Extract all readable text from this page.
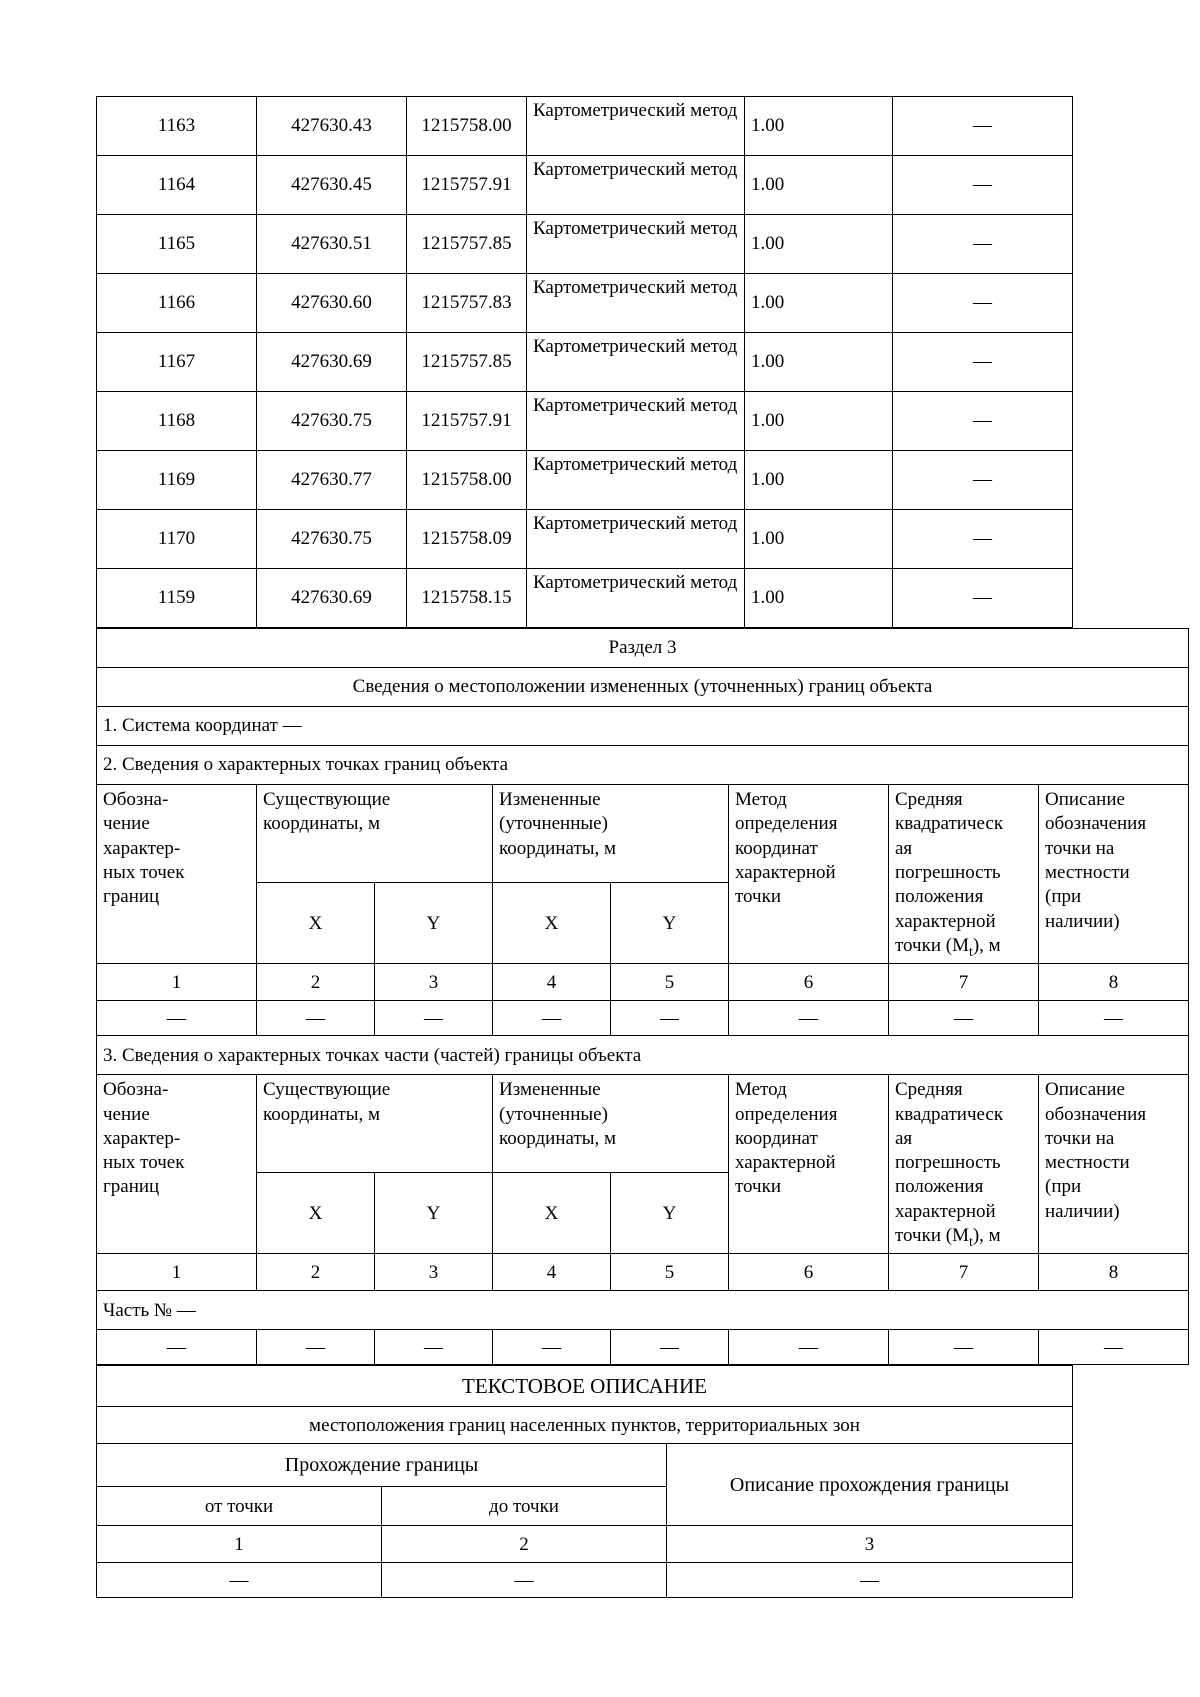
1163	427630.43	1215758.00	Картометрический метод	1.00	—
1164	427630.45	1215757.91	Картометрический метод	1.00	—
1165	427630.51	1215757.85	Картометрический метод	1.00	—
1166	427630.60	1215757.83	Картометрический метод	1.00	—
1167	427630.69	1215757.85	Картометрический метод	1.00	—
1168	427630.75	1215757.91	Картометрический метод	1.00	—
1169	427630.77	1215758.00	Картометрический метод	1.00	—
1170	427630.75	1215758.09	Картометрический метод	1.00	—
1159	427630.69	1215758.15	Картометрический метод	1.00	—
Раздел 3							
Сведения о местоположении измененных (уточненных) границ объекта							
1. Система координат —							
2. Сведения о характерных точках границ объекта							

Обозна-
чение
характер-
ных точек
границ

Существующие
координаты, м

Измененные
(уточненные)
координаты, м

Метод
определения
координат
характерной
точки

Средняя
квадратическ
ая
погрешность
положения
характерной
точки $(M_t)$, м

Описание
обозначения
точки на
местности
(при
наличии)

	X	Y	X	Y			
1	2	3	4	5	6	7	8
—	—	—	—	—	—	—	—
3. Сведения о характерных точках части (частей) границы объекта							

Обозна-
чение
характер-
ных точек
границ

Существующие
координаты, м

Измененные
(уточненные)
координаты, м

Метод
определения
координат
характерной
точки

Средняя
квадратическ
ая
погрешность
положения
характерной
точки $(M_t)$, м

Описание
обозначения
точки на
местности
(при
наличии)

	X	Y	X	Y			
1	2	3	4	5	6	7	8
Часть № —							
—	—	—	—	—	—	—	—
ТЕКСТОВОЕ ОПИСАНИЕ		
местоположения границ населенных пунктов, территориальных зон		
Прохождение границы		Описание прохождения границы
от точки	до точки	
1	2	3
—	—	—
